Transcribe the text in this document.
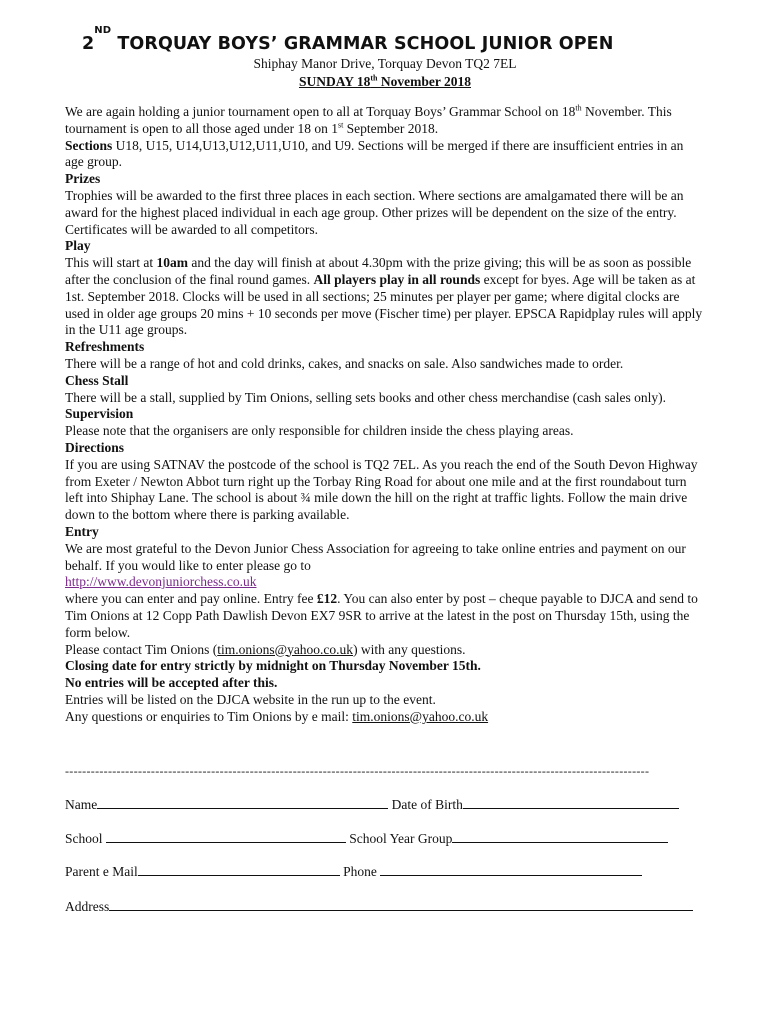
2ND TORQUAY BOYS’ GRAMMAR SCHOOL JUNIOR OPEN
Shiphay Manor Drive, Torquay Devon TQ2 7EL
SUNDAY 18th November 2018

We are again holding a junior tournament open to all at Torquay Boys’ Grammar School on 18th November. This tournament is open to all those aged under 18 on 1st September 2018.

Sections U18, U15, U14,U13,U12,U11,U10, and U9. Sections will be merged if there are insufficient entries in an age group.

Prizes

Trophies will be awarded to the first three places in each section. Where sections are amalgamated there will be an award for the highest placed individual in each age group. Other prizes will be dependent on the size of the entry. Certificates will be awarded to all competitors.

Play

This will start at 10am and the day will finish at about 4.30pm with the prize giving; this will be as soon as possible after the conclusion of the final round games. All players play in all rounds except for byes. Age will be taken as at 1st. September 2018. Clocks will be used in all sections; 25 minutes per player per game; where digital clocks are used in older age groups 20 mins + 10 seconds per move (Fischer time) per player. EPSCA Rapidplay rules will apply in the U11 age groups.

Refreshments

There will be a range of hot and cold drinks, cakes, and snacks on sale. Also sandwiches made to order.

Chess Stall

There will be a stall, supplied by Tim Onions, selling sets books and other chess merchandise (cash sales only).

Supervision

Please note that the organisers are only responsible for children inside the chess playing areas.

Directions

If you are using SATNAV the postcode of the school is TQ2 7EL. As you reach the end of the South Devon Highway from Exeter / Newton Abbot turn right up the Torbay Ring Road for about one mile and at the first roundabout turn left into Shiphay Lane. The school is about ¾ mile down the hill on the right at traffic lights. Follow the main drive down to the bottom where there is parking available.

Entry

We are most grateful to the Devon Junior Chess Association for agreeing to take online entries and payment on our behalf. If you would like to enter please go to

http://www.devonjuniorchess.co.uk

where you can enter and pay online. Entry fee £12. You can also enter by post – cheque payable to DJCA and send to Tim Onions at 12 Copp Path Dawlish Devon EX7 9SR to arrive at the latest in the post on Thursday 15th, using the form below.

Please contact Tim Onions (tim.onions@yahoo.co.uk) with any questions.

Closing date for entry strictly by midnight on Thursday November 15th.

No entries will be accepted after this.

Entries will be listed on the DJCA website in the run up to the event.

Any questions or enquiries to Tim Onions by e mail: tim.onions@yahoo.co.uk

----------------------------------------------------------------------------------------------------------------------------------------
Name	Date of Birth
School	School Year Group
Parent e Mail	Phone
Address
